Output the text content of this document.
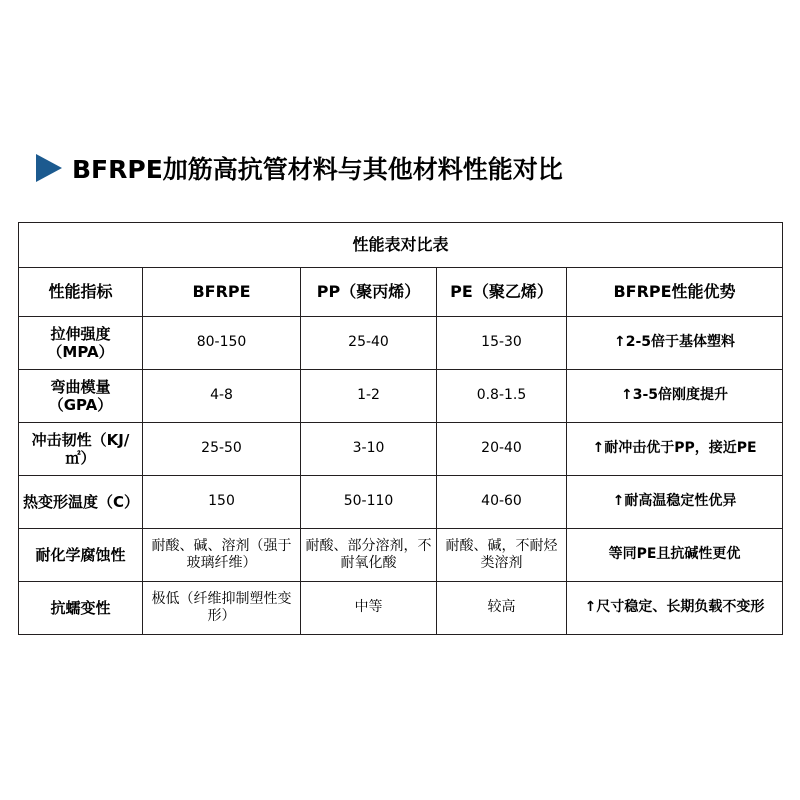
BFRPE加筋高抗管材料与其他材料性能对比
性能表对比表				
性能指标	BFRPE	PP（聚丙烯）	PE（聚乙烯）	BFRPE性能优势
拉伸强度（MPA）	80-150	25-40	15-30	↑2-5倍于基体塑料
弯曲模量（GPA）	4-8	1-2	0.8-1.5	↑3-5倍刚度提升
冲击韧性（KJ/㎡）	25-50	3-10	20-40	↑耐冲击优于PP，接近PE
热变形温度（C）	150	50-110	40-60	↑耐高温稳定性优异
耐化学腐蚀性	耐酸、碱、溶剂（强于玻璃纤维）	耐酸、部分溶剂，不耐氧化酸	耐酸、碱，不耐烃类溶剂	等同PE且抗碱性更优
抗蠕变性	极低（纤维抑制塑性变形）	中等	较高	↑尺寸稳定、长期负载不变形
